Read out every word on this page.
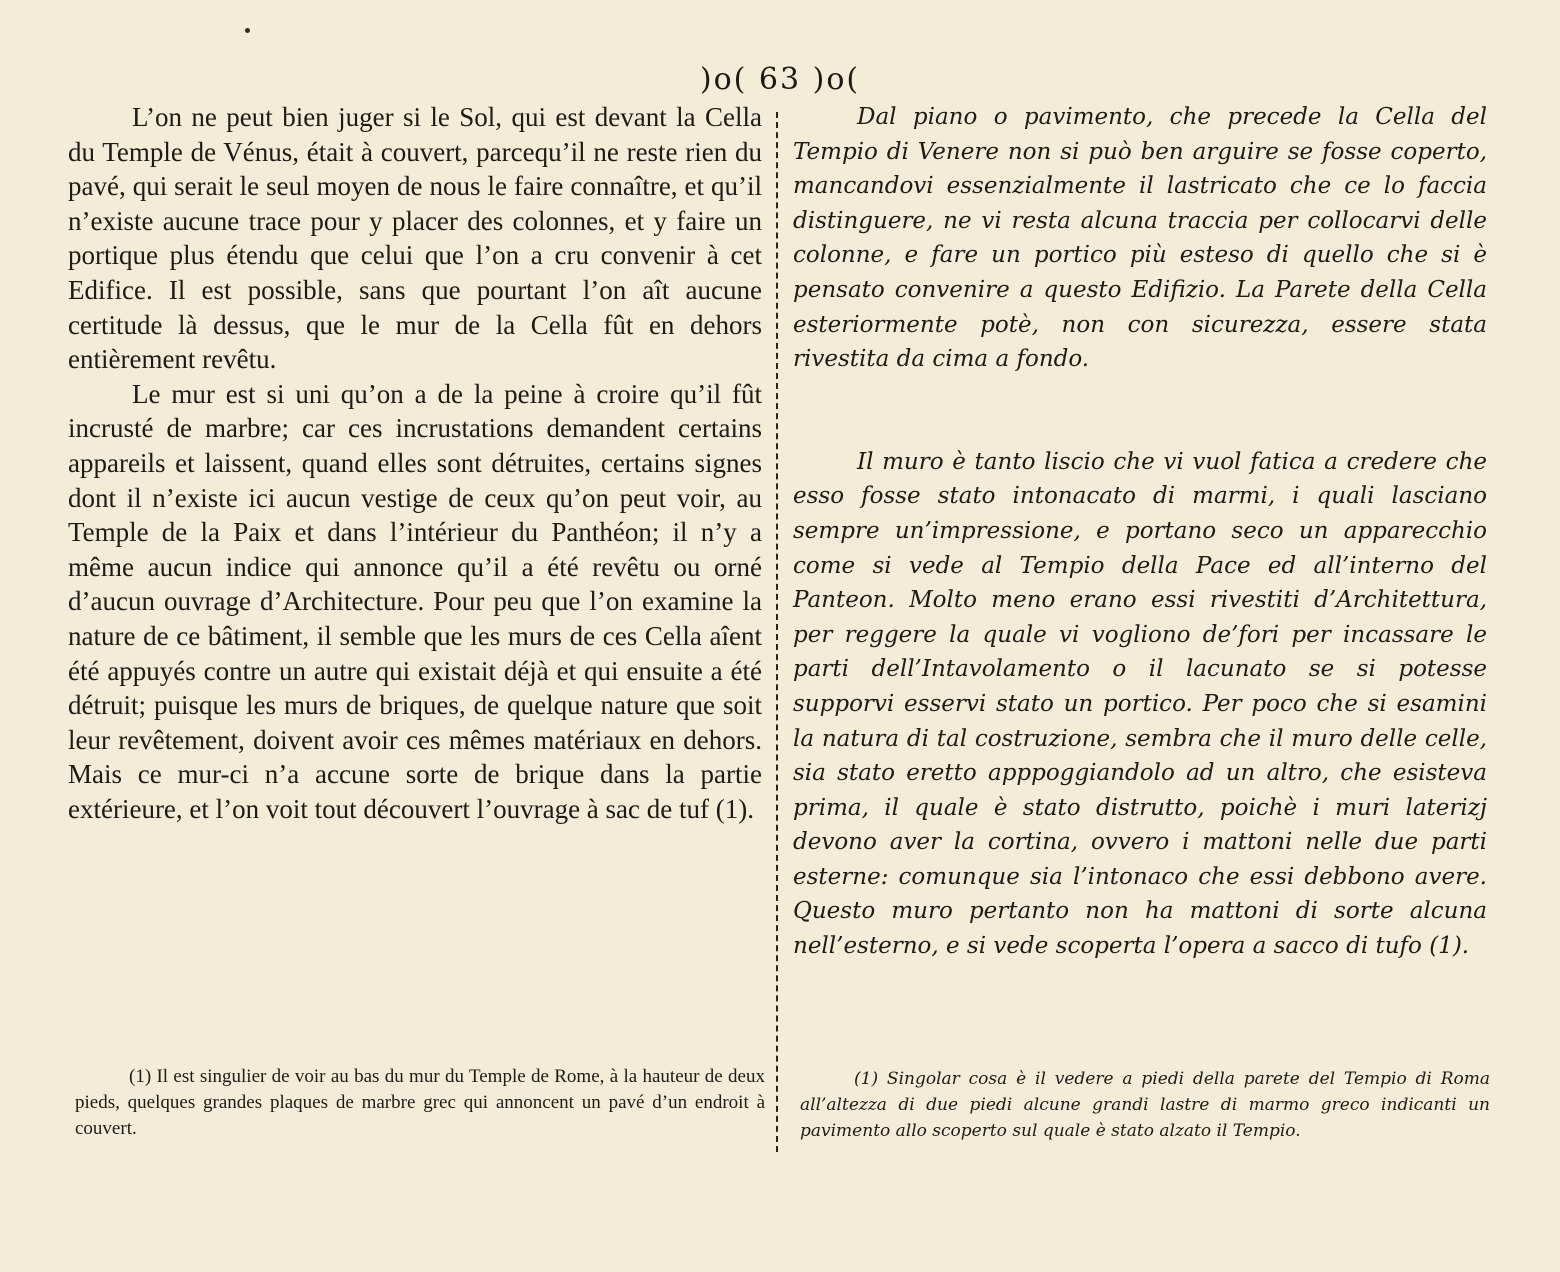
)o( 63 )o(

L’on ne peut bien juger si le Sol, qui est devant la Cella du Temple de Vénus, était à couvert, parcequ’il ne reste rien du pavé, qui serait le seul moyen de nous le faire connaître, et qu’il n’existe aucune trace pour y placer des colonnes, et y faire un portique plus étendu que celui que l’on a cru convenir à cet Edifice. Il est possible, sans que pourtant l’on aît aucune certitude là dessus, que le mur de la Cella fût en dehors entièrement revêtu.

Le mur est si uni qu’on a de la peine à croire qu’il fût incrusté de marbre; car ces incrustations demandent certains appareils et laissent, quand elles sont détruites, certains signes dont il n’existe ici aucun vestige de ceux qu’on peut voir, au Temple de la Paix et dans l’intérieur du Panthéon; il n’y a même aucun indice qui annonce qu’il a été revêtu ou orné d’aucun ouvrage d’Architecture. Pour peu que l’on examine la nature de ce bâtiment, il semble que les murs de ces Cella aîent été appuyés contre un autre qui existait déjà et qui ensuite a été détruit; puisque les murs de briques, de quelque nature que soit leur revêtement, doivent avoir ces mêmes matériaux en dehors. Mais ce mur-ci n’a accune sorte de brique dans la partie extérieure, et l’on voit tout découvert l’ouvrage à sac de tuf (1).

Dal piano o pavimento, che precede la Cella del Tempio di Venere non si può ben arguire se fosse coperto, mancandovi essenzialmente il lastricato che ce lo faccia distinguere, ne vi resta alcuna traccia per collocarvi delle colonne, e fare un portico più esteso di quello che si è pensato convenire a questo Edifizio. La Parete della Cella esteriormente potè, non con sicurezza, essere stata rivestita da cima a fondo.

Il muro è tanto liscio che vi vuol fatica a credere che esso fosse stato intonacato di marmi, i quali lasciano sempre un’impressione, e portano seco un apparecchio come si vede al Tempio della Pace ed all’interno del Panteon. Molto meno erano essi rivestiti d’Architettura, per reggere la quale vi vogliono de’fori per incassare le parti dell’Intavolamento o il lacunato se si potesse supporvi esservi stato un portico. Per poco che si esamini la natura di tal costruzione, sembra che il muro delle celle, sia stato eretto apppoggiandolo ad un altro, che esisteva prima, il quale è stato distrutto, poichè i muri laterizj devono aver la cortina, ovvero i mattoni nelle due parti esterne: comunque sia l’intonaco che essi debbono avere. Questo muro pertanto non ha mattoni di sorte alcuna nell’esterno, e si vede scoperta l’opera a sacco di tufo (1).

(1) Il est singulier de voir au bas du mur du Temple de Rome, à la hauteur de deux pieds, quelques grandes plaques de marbre grec qui annoncent un pavé d’un endroit à couvert.

(1) Singolar cosa è il vedere a piedi della parete del Tempio di Roma all’altezza di due piedi alcune grandi lastre di marmo greco indicanti un pavimento allo scoperto sul quale è stato alzato il Tempio.
